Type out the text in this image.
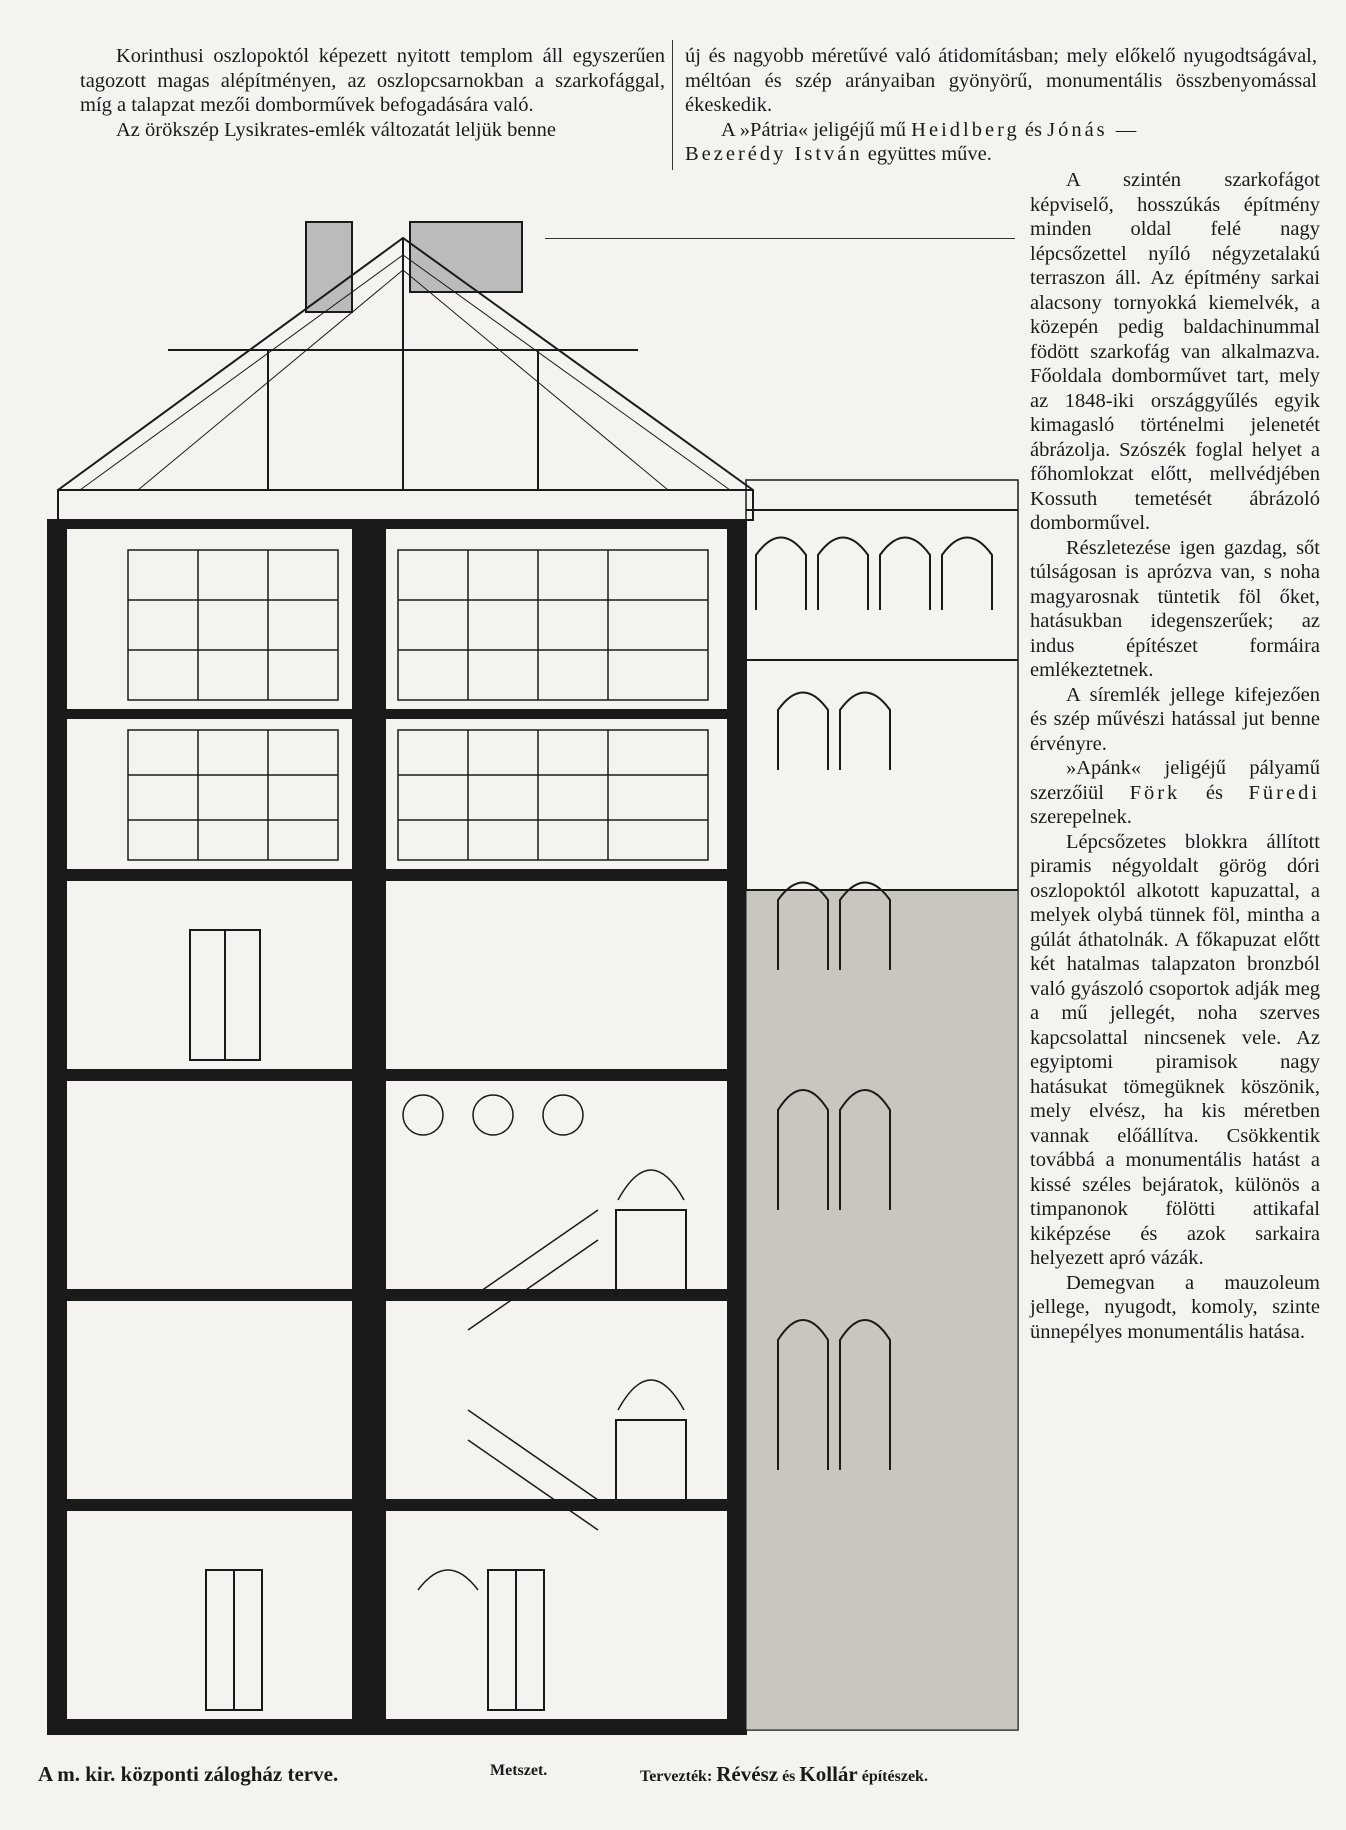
Korinthusi oszlopoktól képezett nyitott templom áll egyszerűen tagozott magas alépítményen, az oszlopcsarnokban a szarkofággal, míg a talapzat mezői domborművek befogadására való.

Az örökszép Lysikrates-emlék változatát leljük benne

új és nagyobb méretűvé való átidomításban; mely előkelő nyugodtságával, méltóan és szép arányaiban gyönyörű, monumentális összbenyomással ékeskedik.

A »Pátria« jeligéjű mű Heidlberg és Jónás —
Bezerédy István együttes műve.

A szintén szarkofágot képviselő, hosszúkás építmény minden oldal felé nagy lépcsőzettel nyíló négyzetalakú terraszon áll. Az építmény sarkai alacsony tornyokká kiemelvék, a közepén pedig baldachinummal födött szarkofág van alkalmazva. Főoldala domborművet tart, mely az 1848-iki országgyűlés egyik kimagasló történelmi jelenetét ábrázolja. Szószék foglal helyet a főhomlokzat előtt, mellvédjében Kossuth temetését ábrázoló domborművel.

Részletezése igen gazdag, sőt túlságosan is aprózva van, s noha magyarosnak tüntetik föl őket, hatásukban idegenszerűek; az indus építészet formáira emlékeztetnek.

A síremlék jellege kifejezően és szép művészi hatással jut benne érvényre.

»Apánk« jeligéjű pályamű szerzőiül Förk és Füredi szerepelnek.

Lépcsőzetes blokkra állított piramis négyoldalt görög dóri oszlopoktól alkotott kapuzattal, a melyek olybá tünnek föl, mintha a gúlát áthatolnák. A főkapuzat előtt két hatalmas talapzaton bronzból való gyászoló csoportok adják meg a mű jellegét, noha szerves kapcsolattal nincsenek vele. Az egyiptomi piramisok nagy hatásukat tömegüknek köszönik, mely elvész, ha kis méretben vannak előállítva. Csökkentik továbbá a monumentális hatást a kissé széles bejáratok, különös a timpanonok fölötti attikafal kiképzése és azok sarkaira helyezett apró vázák.

Demegvan a mauzoleum jellege, nyugodt, komoly, szinte ünnepélyes monumentális hatása.

A m. kir. központi zálogház terve.	Metszet.	Tervezték: Révész és Kollár építészek.
